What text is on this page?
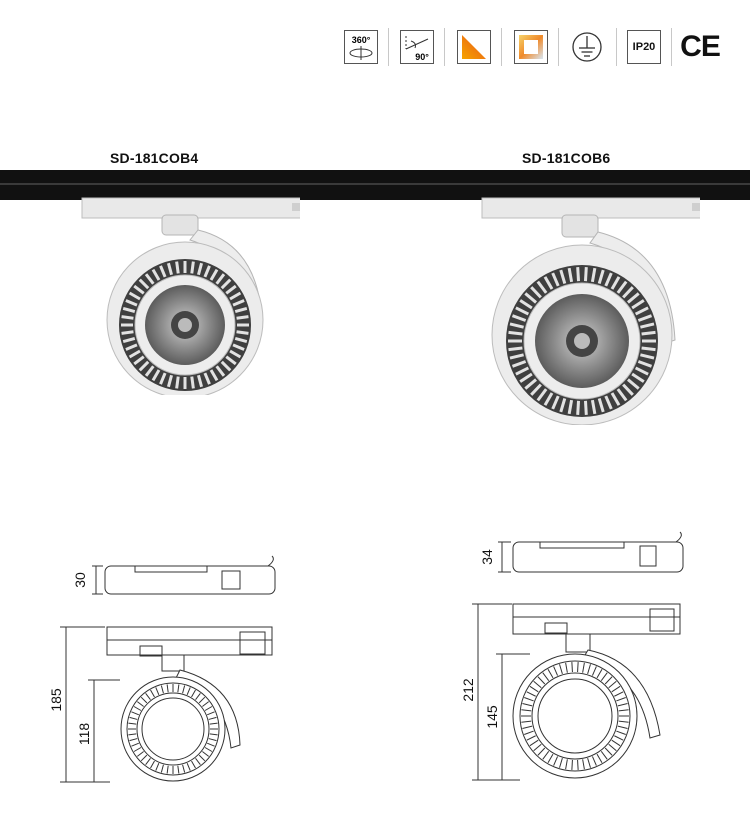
360°
90°
IP20 CE
SD-181COB4	SD-181COB6
30
185
118
34
212
145
